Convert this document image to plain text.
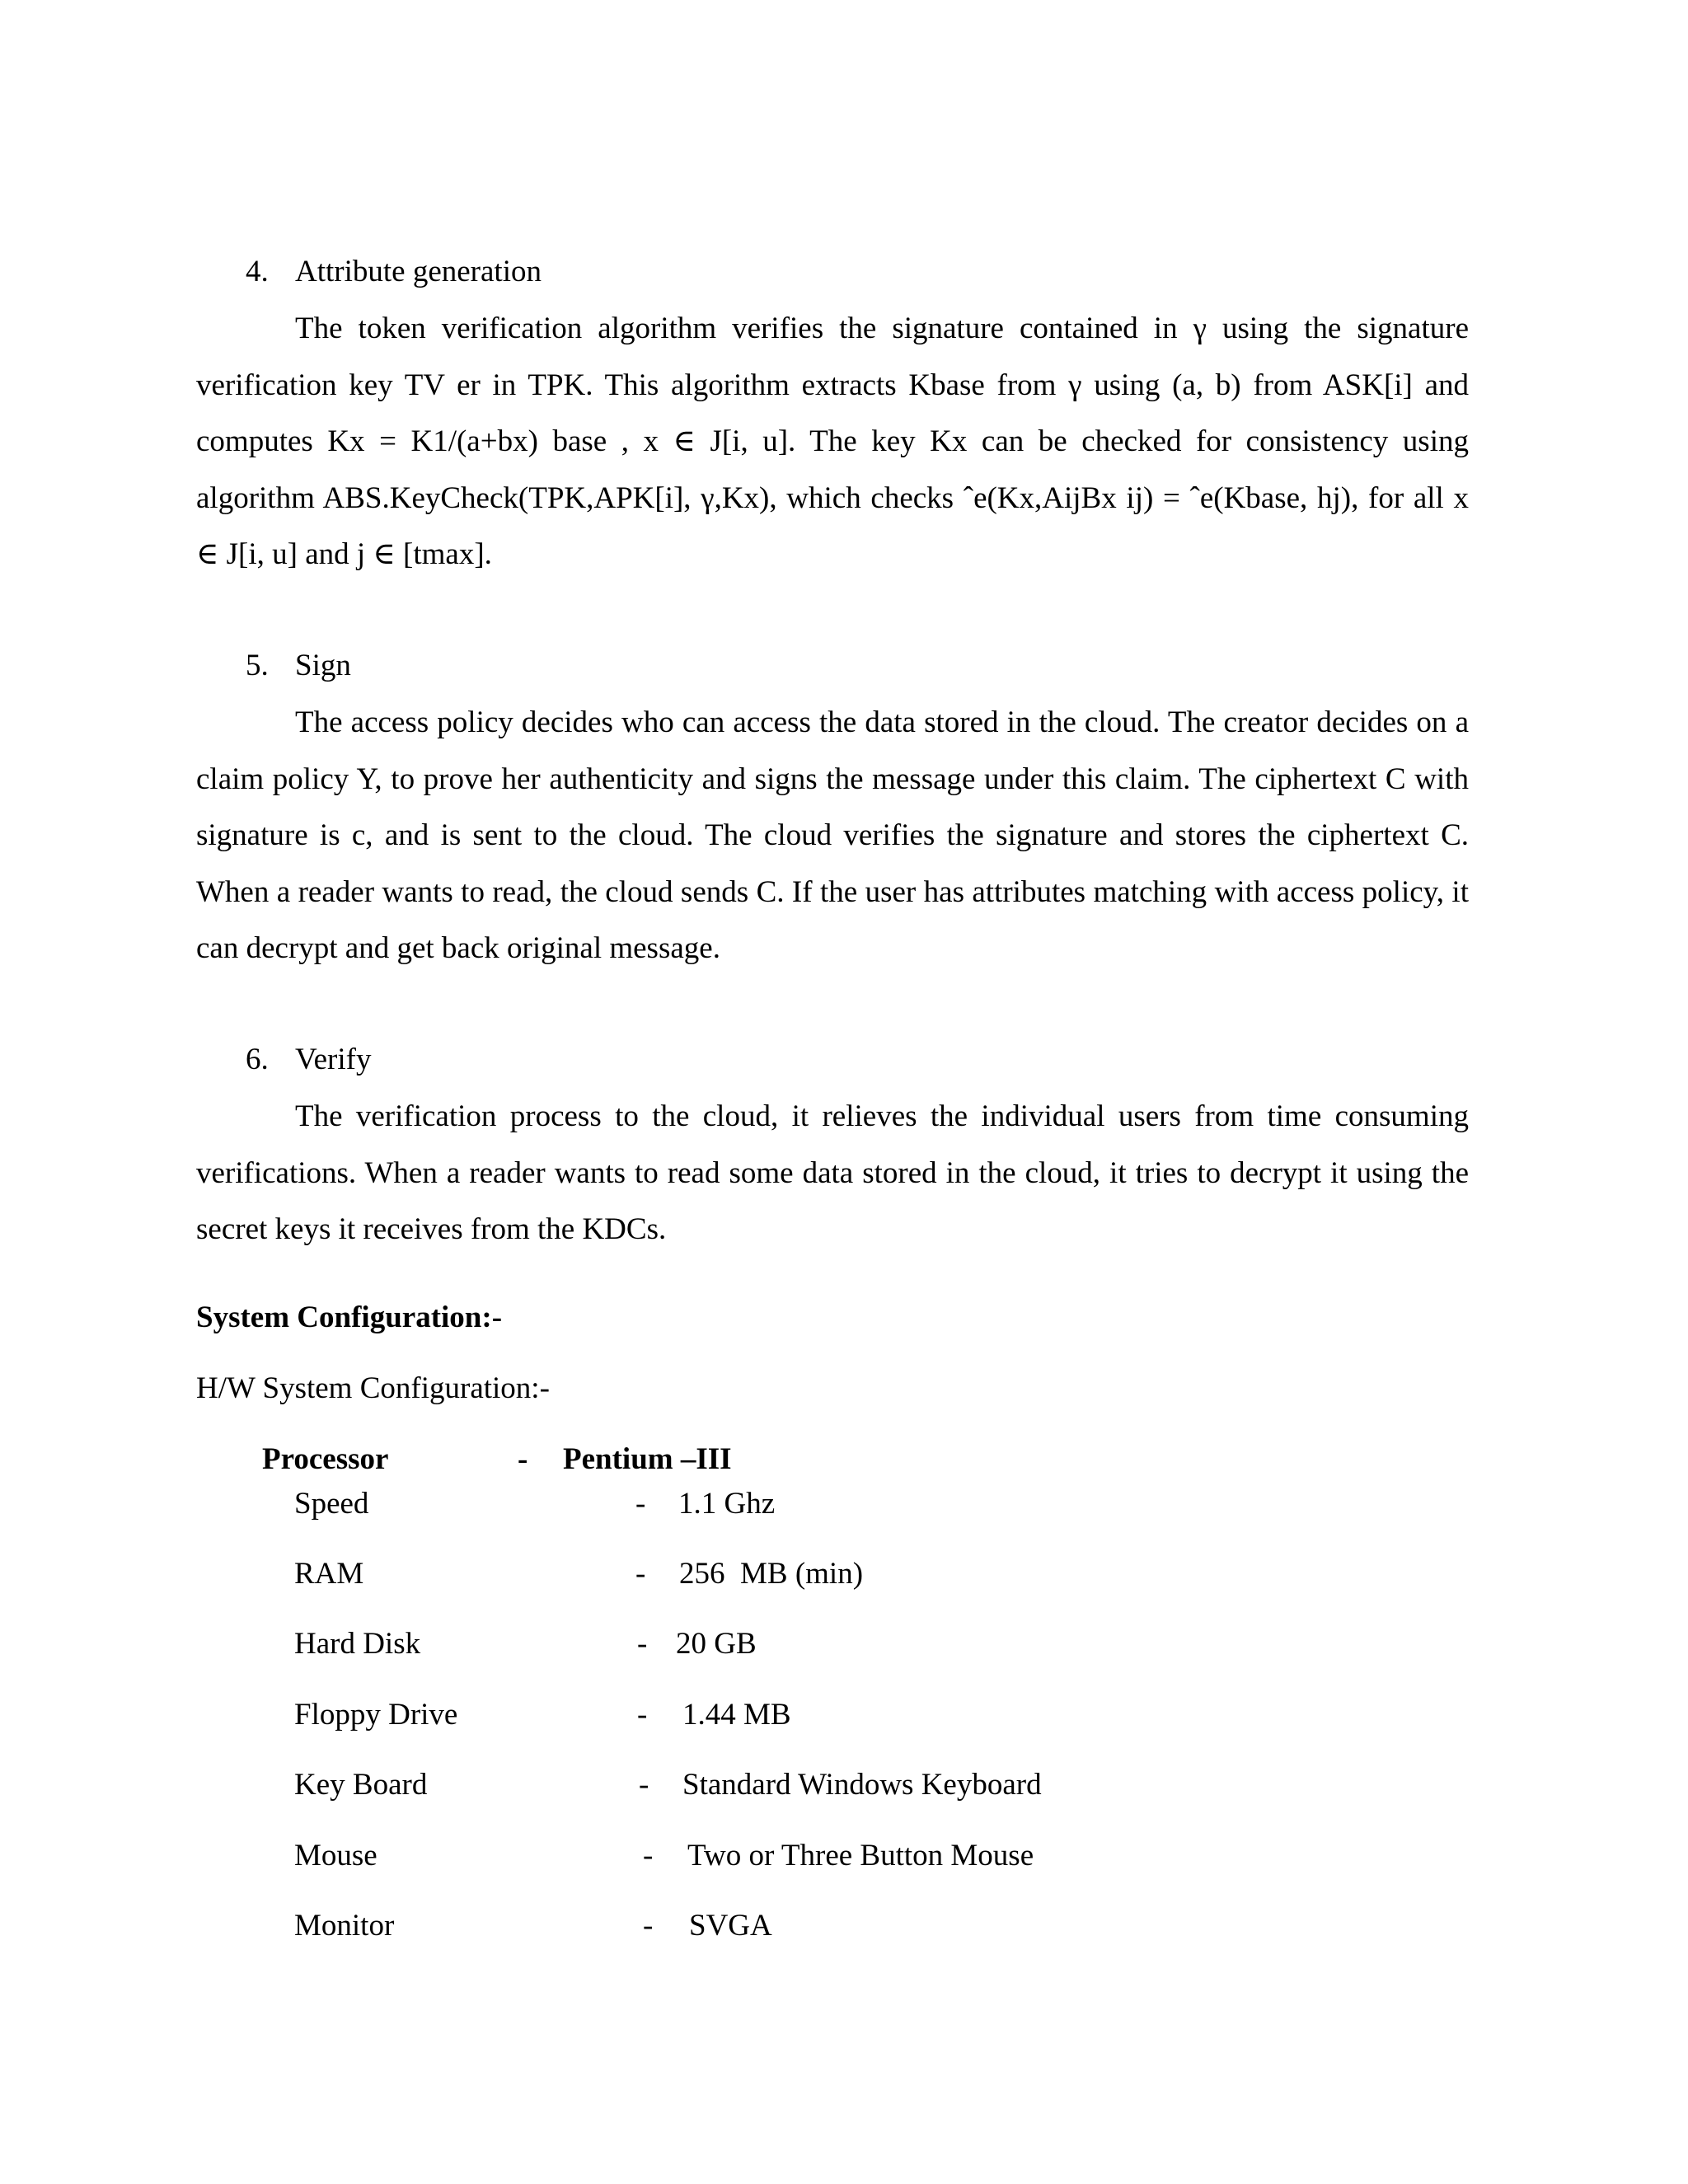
4. Attribute generation

The token verification algorithm verifies the signature contained in γ using the signature verification key TV er in TPK. This algorithm extracts Kbase from γ using (a, b) from ASK[i] and computes Kx = K1/(a+bx) base , x ∈ J[i, u]. The key Kx can be checked for consistency using algorithm ABS.KeyCheck(TPK,APK[i], γ,Kx), which checks ˆe(Kx,AijBx ij) = ˆe(Kbase, hj), for all x ∈ J[i, u] and j ∈ [tmax].

5. Sign

The access policy decides who can access the data stored in the cloud. The creator decides on a claim policy Y, to prove her authenticity and signs the message under this claim. The ciphertext C with signature is c, and is sent to the cloud. The cloud verifies the signature and stores the ciphertext C. When a reader wants to read, the cloud sends C. If the user has attributes matching with access policy, it can decrypt and get back original message.

6. Verify

The verification process to the cloud, it relieves the individual users from time consuming verifications. When a reader wants to read some data stored in the cloud, it tries to decrypt it using the secret keys it receives from the KDCs.

System Configuration:-
H/W System Configuration:-
Processor	- Pentium –III
Speed	- 1.1 Ghz
RAM	- 256  MB (min)
Hard Disk	- 20 GB
Floppy Drive	- 1.44 MB
Key Board	- Standard Windows Keyboard
Mouse	- Two or Three Button Mouse
Monitor	- SVGA
